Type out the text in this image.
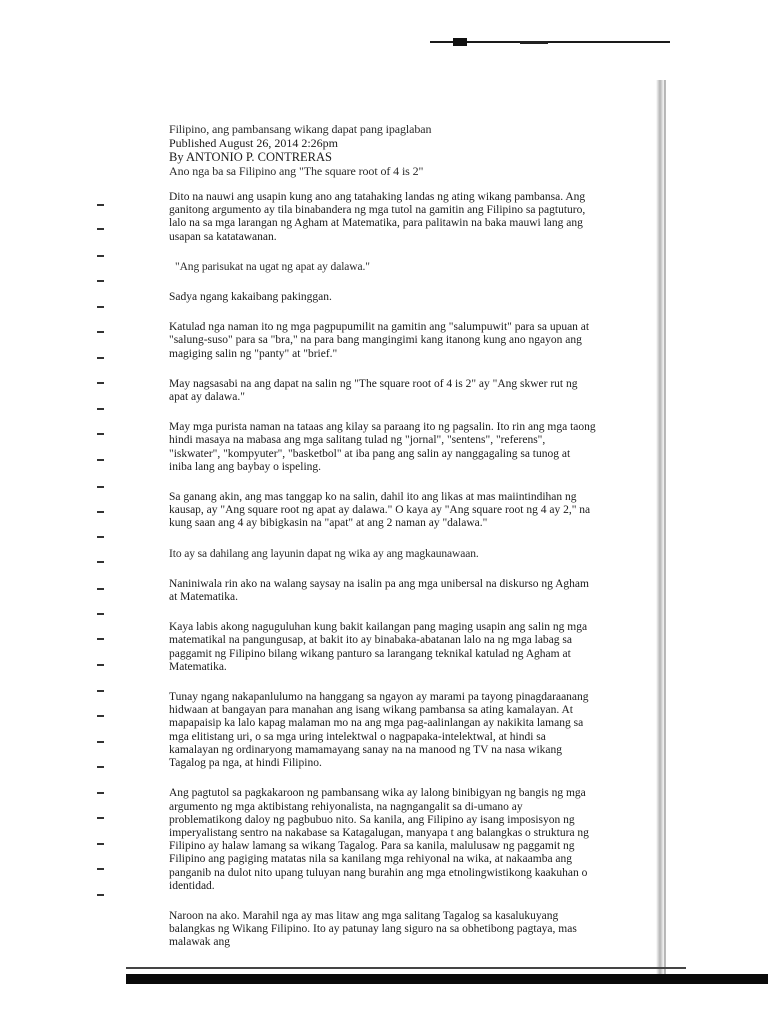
Filipino, ang pambansang wikang dapat pang ipaglaban

Published August 26, 2014 2:26pm

By ANTONIO P. CONTRERAS

Ano nga ba sa Filipino ang "The square root of 4 is 2"

Dito na nauwi ang usapin kung ano ang tatahaking landas ng ating wikang pambansa. Ang ganitong argumento ay tila binabandera ng mga tutol na gamitin ang Filipino sa pagtuturo, lalo na sa mga larangan ng Agham at Matematika, para palitawin na baka mauwi lang ang usapan sa katatawanan.

"Ang parisukat na ugat ng apat ay dalawa."

Sadya ngang kakaibang pakinggan.

Katulad nga naman ito ng mga pagpupumilit na gamitin ang "salumpuwit" para sa upuan at "salung-suso" para sa "bra," na para bang mangingimi kang itanong kung ano ngayon ang magiging salin ng "panty" at "brief."

May nagsasabi na ang dapat na salin ng "The square root of 4 is 2" ay "Ang skwer rut ng apat ay dalawa."

May mga purista naman na tataas ang kilay sa paraang ito ng pagsalin. Ito rin ang mga taong hindi masaya na mabasa ang mga salitang tulad ng "jornal", "sentens", "referens", "iskwater", "kompyuter", "basketbol" at iba pang ang salin ay nanggagaling sa tunog at iniba lang ang baybay o ispeling.

Sa ganang akin, ang mas tanggap ko na salin, dahil ito ang likas at mas maiintindihan ng kausap, ay "Ang square root ng apat ay dalawa." O kaya ay "Ang square root ng 4 ay 2," na kung saan ang 4 ay bibigkasin na "apat" at ang 2 naman ay "dalawa."

Ito ay sa dahilang ang layunin dapat ng wika ay ang magkaunawaan.

Naniniwala rin ako na walang saysay na isalin pa ang mga unibersal na diskurso ng Agham at Matematika.

Kaya labis akong naguguluhan kung bakit kailangan pang maging usapin ang salin ng mga matematikal na pangungusap, at bakit ito ay binabaka-abatanan lalo na ng mga labag sa paggamit ng Filipino bilang wikang panturo sa larangang teknikal katulad ng Agham at Matematika.

Tunay ngang nakapanlulumo na hanggang sa ngayon ay marami pa tayong pinagdaraanang hidwaan at bangayan para manahan ang isang wikang pambansa sa ating kamalayan. At mapapaisip ka lalo kapag malaman mo na ang mga pag-aalinlangan ay nakikita lamang sa mga elitistang uri, o sa mga uring intelektwal o nagpapaka-intelektwal, at hindi sa kamalayan ng ordinaryong mamamayang sanay na na manood ng TV na nasa wikang Tagalog pa nga, at hindi Filipino.

Ang pagtutol sa pagkakaroon ng pambansang wika ay lalong binibigyan ng bangis ng mga argumento ng mga aktibistang rehiyonalista, na nagngangalit sa di-umano ay problematikong daloy ng pagbubuo nito. Sa kanila, ang Filipino ay isang imposisyon ng imperyalistang sentro na nakabase sa Katagalugan, manyapa t ang balangkas o struktura ng Filipino ay halaw lamang sa wikang Tagalog. Para sa kanila, malulusaw ng paggamit ng Filipino ang pagiging matatas nila sa kanilang mga rehiyonal na wika, at nakaamba ang panganib na dulot nito upang tuluyan nang burahin ang mga etnolingwistikong kaakuhan o identidad.

Naroon na ako. Marahil nga ay mas litaw ang mga salitang Tagalog sa kasalukuyang balangkas ng Wikang Filipino. Ito ay patunay lang siguro na sa obhetibong pagtaya, mas malawak ang
